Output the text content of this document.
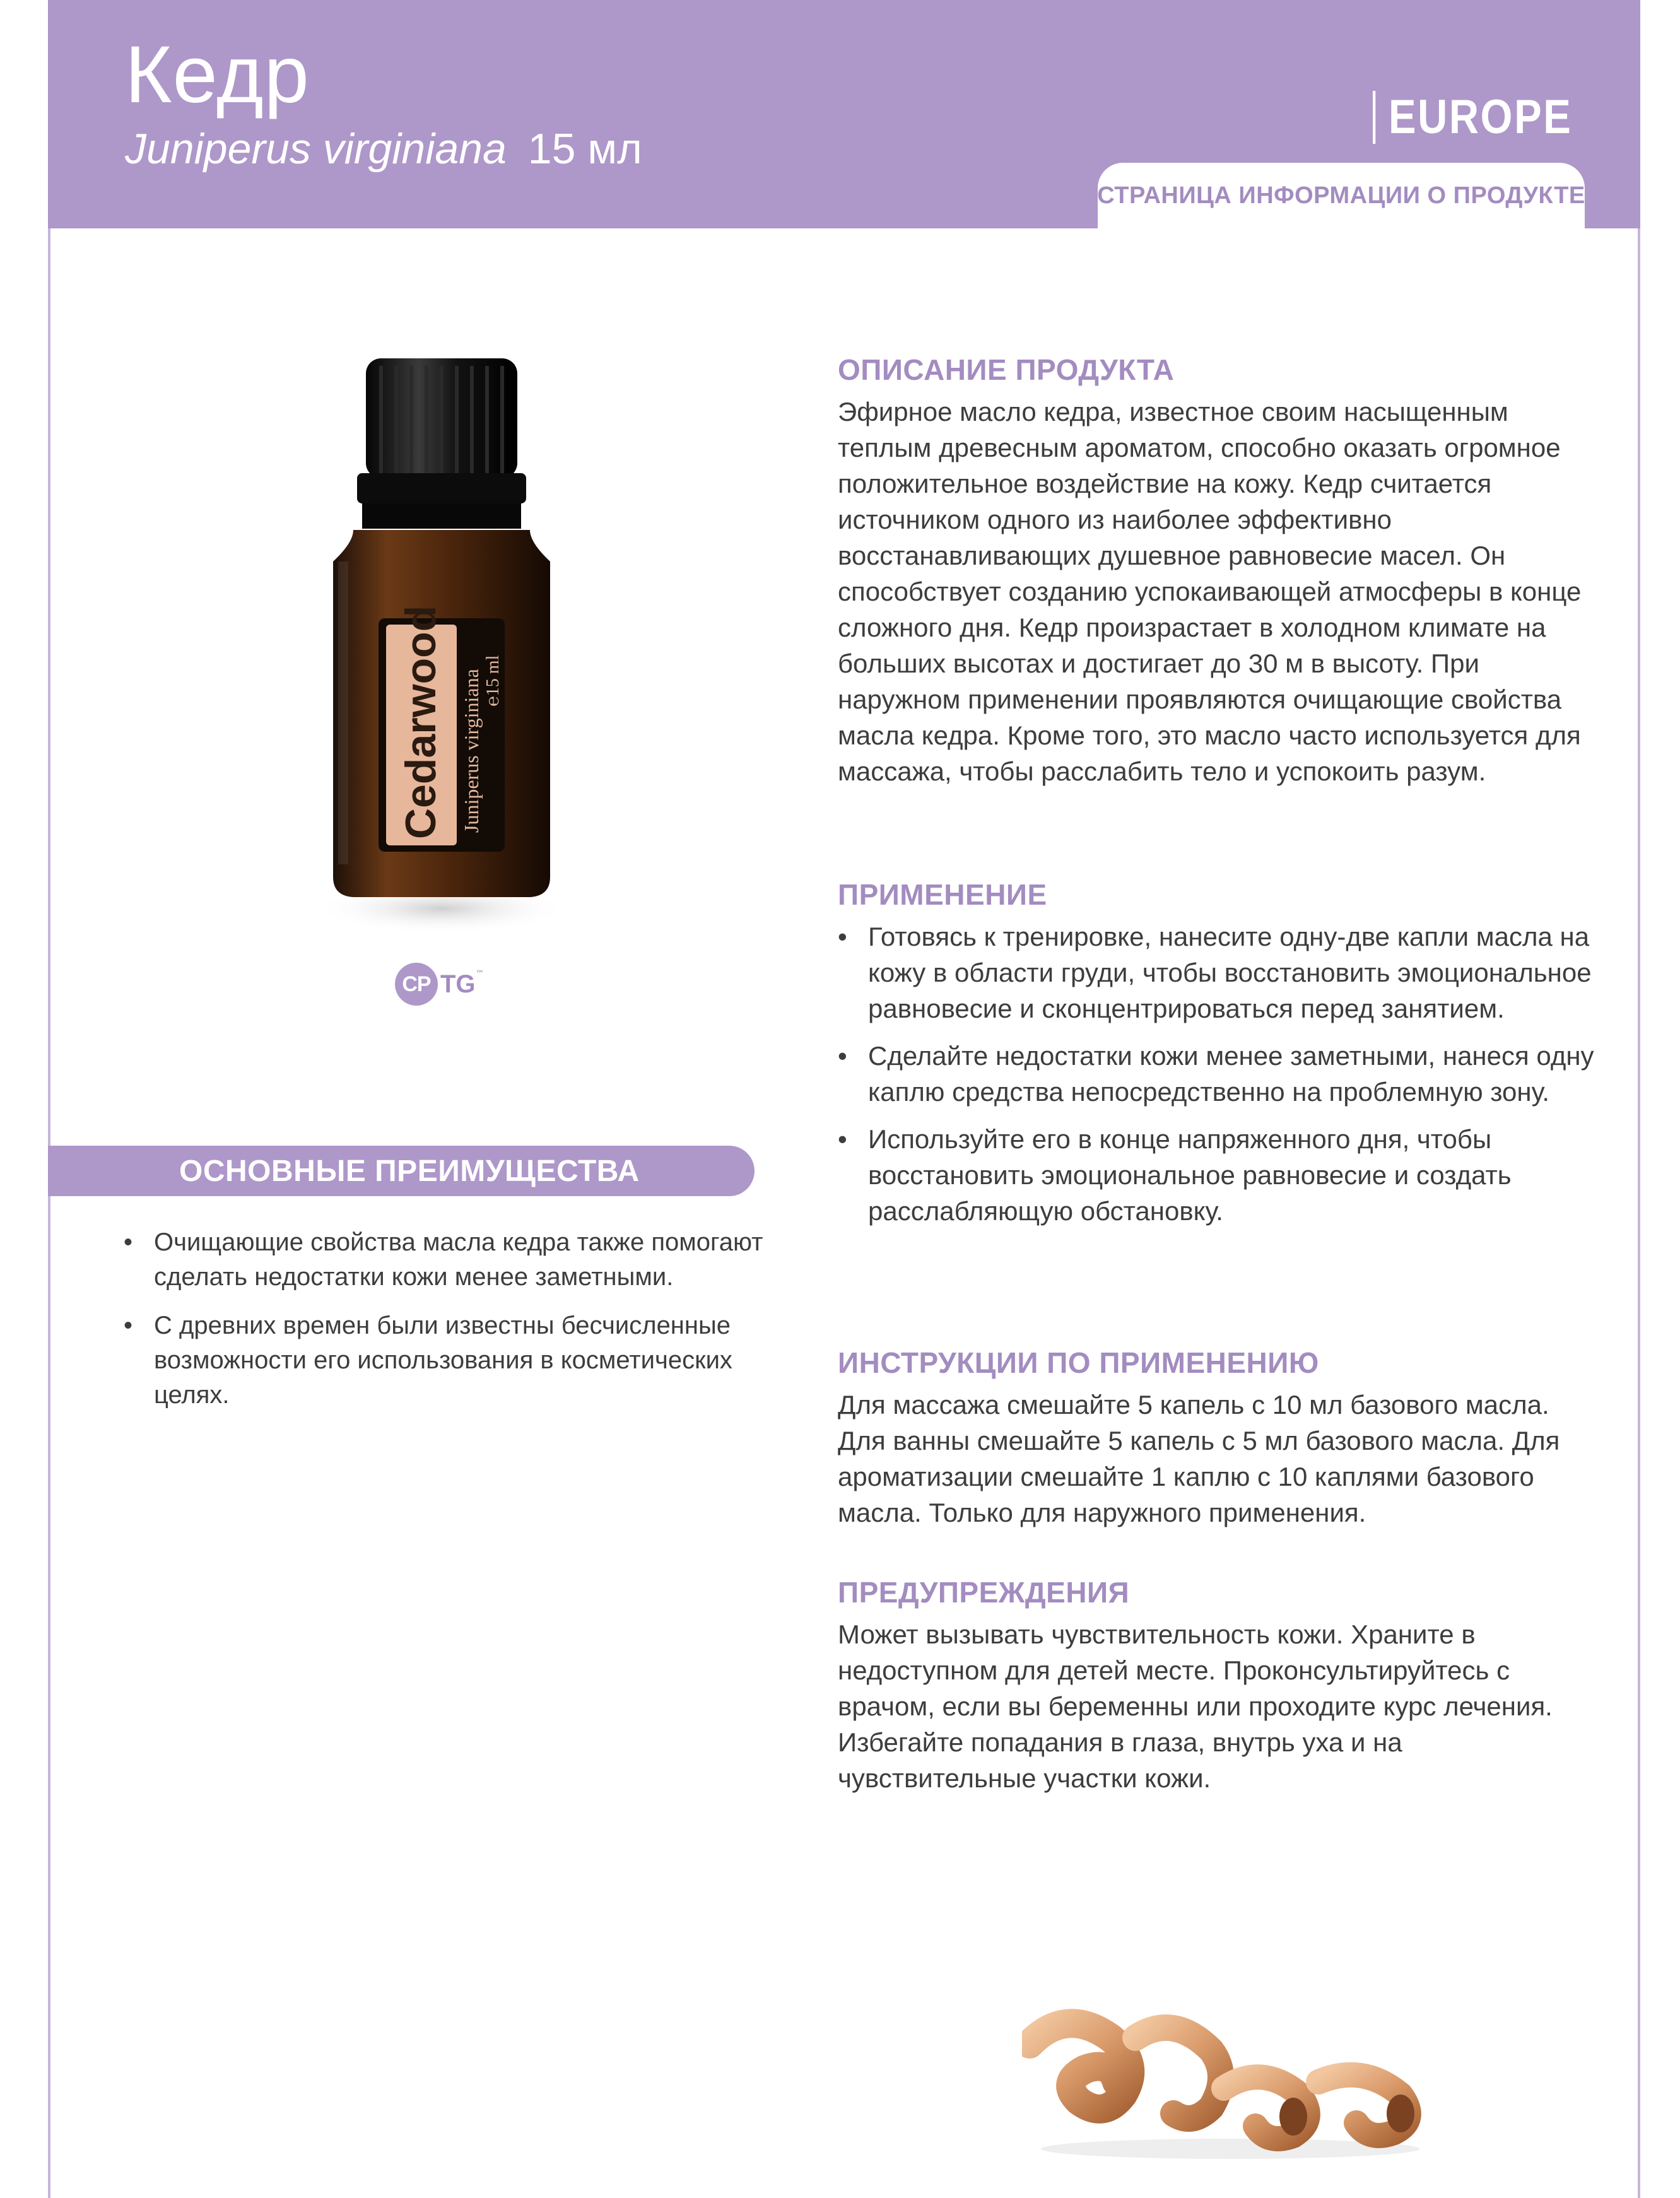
Кедр
Juniperus virginiana 15 мл
EUROPE
СТРАНИЦА ИНФОРМАЦИИ О ПРОДУКТЕ
Cedarwood Juniperus virginiana ℮15 ml
CP TG ™
ОСНОВНЫЕ ПРЕИМУЩЕСТВА
• Очищающие свойства масла кедра также помогают сделать недостатки кожи менее заметными.
• С древних времен были известны бесчисленные возможности его использования в косметических целях.
ОПИСАНИЕ ПРОДУКТА
Эфирное масло кедра, известное своим насыщенным теплым древесным ароматом, способно оказать огромное положительное воздействие на кожу. Кедр считается источником одного из наиболее эффективно восстанавливающих душевное равновесие масел. Он способствует созданию успокаивающей атмосферы в конце сложного дня. Кедр произрастает в холодном климате на больших высотах и достигает до 30 м в высоту. При наружном применении проявляются очищающие свойства масла кедра. Кроме того, это масло часто используется для массажа, чтобы расслабить тело и успокоить разум.
ПРИМЕНЕНИЕ
• Готовясь к тренировке, нанесите одну-две капли масла на кожу в области груди, чтобы восстановить эмоциональное равновесие и сконцентрироваться перед занятием.
• Сделайте недостатки кожи менее заметными, нанеся одну каплю средства непосредственно на проблемную зону.
• Используйте его в конце напряженного дня, чтобы восстановить эмоциональное равновесие и создать расслабляющую обстановку.
ИНСТРУКЦИИ ПО ПРИМЕНЕНИЮ
Для массажа смешайте 5 капель с 10 мл базового масла. Для ванны смешайте 5 капель с 5 мл базового масла. Для ароматизации смешайте 1 каплю с 10 каплями базового масла. Только для наружного применения.
ПРЕДУПРЕЖДЕНИЯ
Может вызывать чувствительность кожи. Храните в недоступном для детей месте. Проконсультируйтесь с врачом, если вы беременны или проходите курс лечения. Избегайте попадания в глаза, внутрь уха и на чувствительные участки кожи.
